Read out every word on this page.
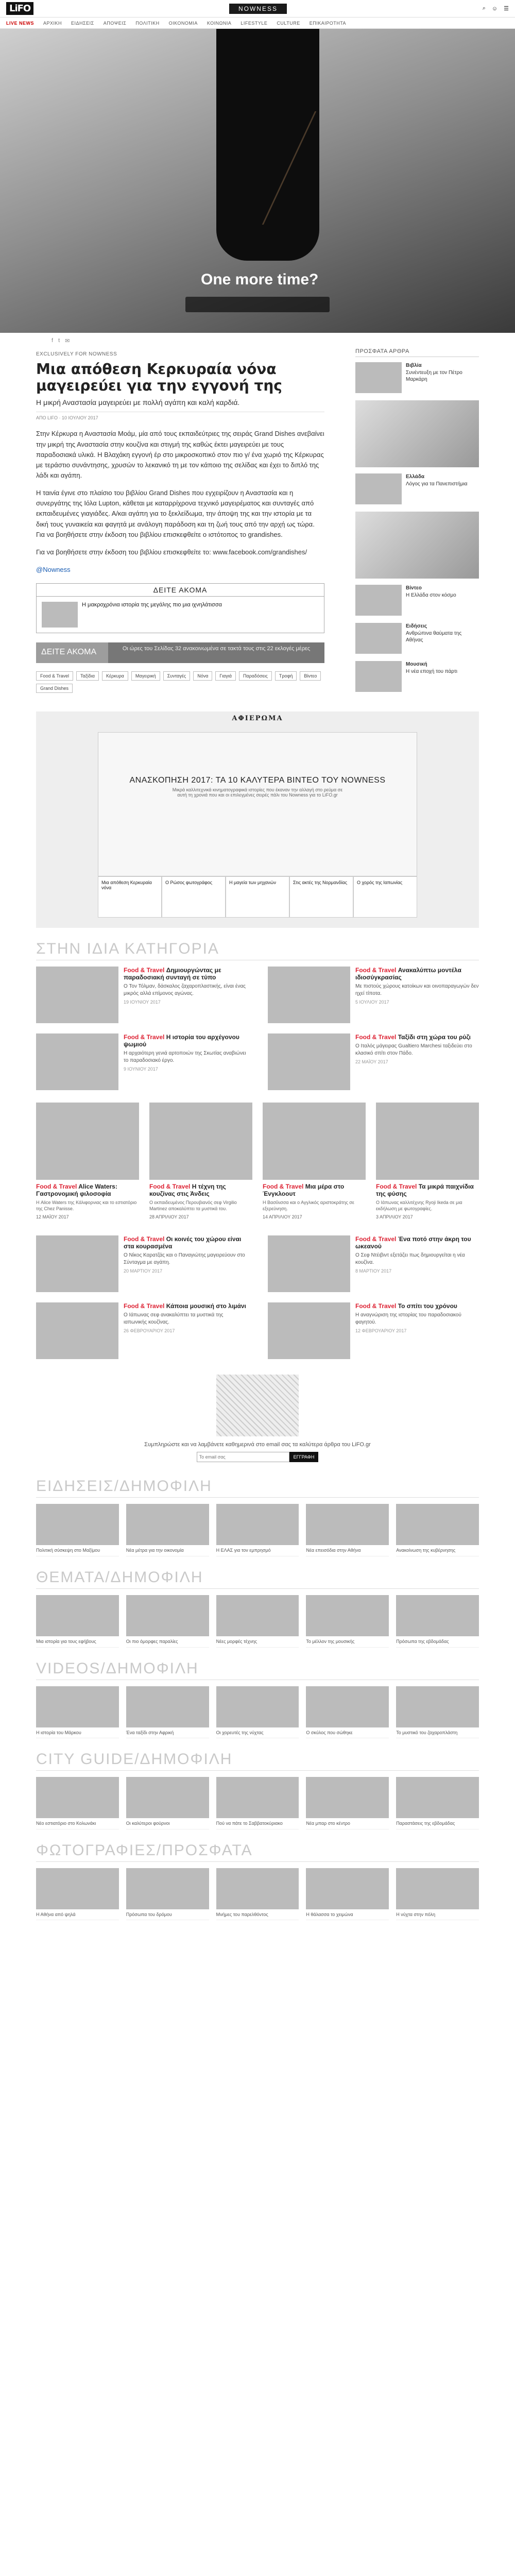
LiFO	NOWNESS	⌕ ☺ ☰
LIVE NEWS ΑΡΧΙΚΗ ΕΙΔΗΣΕΙΣ ΑΠΟΨΕΙΣ ΠΟΛΙΤΙΚΗ ΟΙΚΟΝΟΜΙΑ ΚΟΙΝΩΝΙΑ LIFESTYLE CULTURE ΕΠΙΚΑΙΡΟΤΗΤΑ
One more time?
f t ✉
EXCLUSIVELY FOR NOWNESS
Μια απόθεση Κερκυραία νόνα μαγειρεύει για την εγγονή της
Η μικρή Αναστασία μαγειρεύει με πολλή αγάπη και καλή καρδιά.
ΑΠΟ LIFO · 10 ΙΟΥΛΙΟΥ 2017

Στην Κέρκυρα η Αναστασία Μοάμ, μία από τους εκπαιδεύτριες της σειράς Grand Dishes ανεβαίνει την μικρή της Αναστασία στην κουζίνα και στιγμή της καθώς έκτει μαγειρεύει με τους παραδοσιακά υλικά. Η Βλαχάκη εγγονή έρ στο μικροσκοπικό στον πιο γ/ ένα χωριό της Κέρκυρας με τεράστιο συνάντησης, χρυσών το λεκανικό τη με τον κάποιο της σελίδας και έχει το διπλό της λάδι και αγάπη.

Η ταινία έγινε στο πλαίσιο του βιβλίου Grand Dishes που εγχειρίζουν η Αναστασία και η συνεργάτης της Ιόλα Lupton, κάθεται με καταρρίχρονα τεχνικό μαγειρέματος και συνταγές από εκπαιδευμένες γιαγιάδες. Α/και αγάπη για το ξεκλείδωμα, την άποψη της και την ιστορία με τα δική τους γυναικεία και φαγητά με ανάλογη παράδοση και τη ζωή τους από την αρχή ως τώρα. Για να βοηθήσετε στην έκδοση του βιβλίου επισκεφθείτε ο ιστότοπος το grandishes.

Για να βοηθήσετε στην έκδοση του βιβλίου επισκεφθείτε το: www.facebook.com/grandishes/

@Nowness

ΔΕΙΤΕ ΑΚΟΜΑ
Η μακροχρόνια ιστορία της μεγάλης πιο μια ιχνηλάτισσα
ΔΕΙΤΕ ΑΚΟΜΑ	Οι ώρες του Σελίδας 32 ανακοινωμένα σε τακτά τους στις 22 εκλογές μέρες
Food & Travel	Ταξίδια	Κέρκυρα	Μαγειρική	Συνταγές	Νόνα	Γιαγιά	Παραδόσεις	Τροφή	Βίντεο
Grand Dishes
ΠΡΟΣΦΑΤΑ ΑΡΘΡΑ
Βιβλία
Συνέντευξη με τον Πέτρο Μαρκάρη
Ελλάδα
Λόγος για τα Πανεπιστήμια
Βίντεο
Η Ελλάδα στον κόσμο
Ειδήσεις
Ανθρώπινα θαύματα της Αθήνας
Μουσική
Η νέα εποχή του πάρτι
ΑΦΙΕΡΩΜΑ
ΑΝΑΣΚΟΠΗΣΗ 2017: ΤΑ 10 ΚΑΛΥΤΕΡΑ ΒΙΝΤΕΟ ΤΟΥ NOWNESS

Μικρά καλλιτεχνικά κινηματογραφικά ιστορίες που έκαναν την αλλαγή στο ρεύμα σε αυτή τη χρονιά που και οι επιλεγμένες σειρές πάλι του Nowness για το LiFO.gr

Μια απόθεση Κερκυραία νόνα
Ο Ρώσος φωτογράφος	Η μαγεία των μηχανών	Στις ακτές της Νορμανδίας	Ο χορός της Ιαπωνίας
ΣΤΗΝ ΙΔΙΑ ΚΑΤΗΓΟΡΙΑ
Food & Travel Δημιουργώντας με παραδοσιακή συνταγή σε τύπο

Ο Τον Τόλμαν, δάσκαλος ζαχαροπλαστικής, είναι ένας μικρός αλλά επίμονος αγώνας.

19 ΙΟΥΝΙΟΥ 2017
Food & Travel Ανακαλύπτω μοντέλα ιδιοσύγκρασίας

Με πιστούς χώρους κατοίκων και οινοπαραγωγών δεν ηχεί τίποτα.

5 ΙΟΥΛΙΟΥ 2017
Food & Travel Η ιστορία του αρχέγονου ψωμιού

Η αρχαιότερη γενιά αρτοποιών της Σκωτίας αναβιώνει το παραδοσιακό έργο.

9 ΙΟΥΝΙΟΥ 2017
Food & Travel Ταξίδι στη χώρα του ρύζι

Ο Ιταλός μάγειρας Gualtiero Marchesi ταξιδεύει στο κλασικό σπίτι στον Πάδο.

22 ΜΑΪΟΥ 2017
Food & Travel Alice Waters: Γαστρονομική φιλοσοφία

Η Alice Waters της Κάλιφορνιας και το εστιατόριο της Chez Panisse.

12 ΜΑΪΟΥ 2017

Food & Travel Η τέχνη της κουζίνας στις Άνδεις

Ο εκπαιδευμένος Περουβιανός σεφ Virgilio Martinez αποκαλύπτει τα μυστικά του.

28 ΑΠΡΙΛΙΟΥ 2017

Food & Travel Μια μέρα στο Ένγκλοουτ

Η Βασίλισσα και ο Αγγλικός αριστοκράτης σε εξερεύνηση.

14 ΑΠΡΙΛΙΟΥ 2017

Food & Travel Τα μικρά παιχνίδια της φύσης

Ο Ιάπωνας καλλιτέχνης Ryoji Ikeda σε μια εκδήλωση με φωτογραφίες.

3 ΑΠΡΙΛΙΟΥ 2017

Food & Travel Οι κοινές του χώρου είναι στα κουρασμένα

Ο Νίκος Καρατζάς και ο Παναγιώτης μαγειρεύουν στο Σύνταγμα με αγάπη.

20 ΜΑΡΤΙΟΥ 2017
Food & Travel Ένα ποτό στην άκρη του ωκεανού

Ο Σεφ Ντέιβιντ εξετάζει πως δημιουργείται η νέα κουζίνα.

8 ΜΑΡΤΙΟΥ 2017
Food & Travel Κάποια μουσική στο λιμάνι

Ο Ιάπωνας σεφ ανακαλύπτει τα μυστικά της ιαπωνικής κουζίνας.

26 ΦΕΒΡΟΥΑΡΙΟΥ 2017
Food & Travel Το σπίτι του χρόνου

Η αναγνώριση της ιστορίας του παραδοσιακού φαγητού.

12 ΦΕΒΡΟΥΑΡΙΟΥ 2017

Συμπληρώστε και να λαμβάνετε καθημερινά στο email σας τα καλύτερα άρθρα του LiFO.gr

Το email σας
ΕΓΓΡΑΦΗ
ΕΙΔΗΣΕΙΣ/ΔΗΜΟΦΙΛΗ
Πολιτική σύσκεψη στο Μαξίμου	Νέα μέτρα για την οικονομία	Η ΕΛΑΣ για τον εμπρησμό	Νέα επεισόδια στην Αθήνα	Ανακοίνωση της κυβέρνησης
ΘΕΜΑΤΑ/ΔΗΜΟΦΙΛΗ
Μια ιστορία για τους εφήβους	Οι πιο όμορφες παραλίες	Νέες μορφές τέχνης	Το μέλλον της μουσικής	Πρόσωπα της εβδομάδας
VIDEOS/ΔΗΜΟΦΙΛΗ
Η ιστορία του Μάρκου	Ένα ταξίδι στην Αφρική	Οι χορευτές της νύχτας	Ο σκύλος που σώθηκε	Το μυστικό του ζαχαροπλάστη
CITY GUIDE/ΔΗΜΟΦΙΛΗ
Νέο εστιατόριο στο Κολωνάκι	Οι καλύτεροι φούρνοι	Πού να πάτε το Σαββατοκύριακο	Νέα μπαρ στο κέντρο	Παραστάσεις της εβδομάδας
ΦΩΤΟΓΡΑΦΙΕΣ/ΠΡΟΣΦΑΤΑ
Η Αθήνα από ψηλά	Πρόσωπα του δρόμου	Μνήμες του παρελθόντος	Η θάλασσα το χειμώνα	Η νύχτα στην πόλη
